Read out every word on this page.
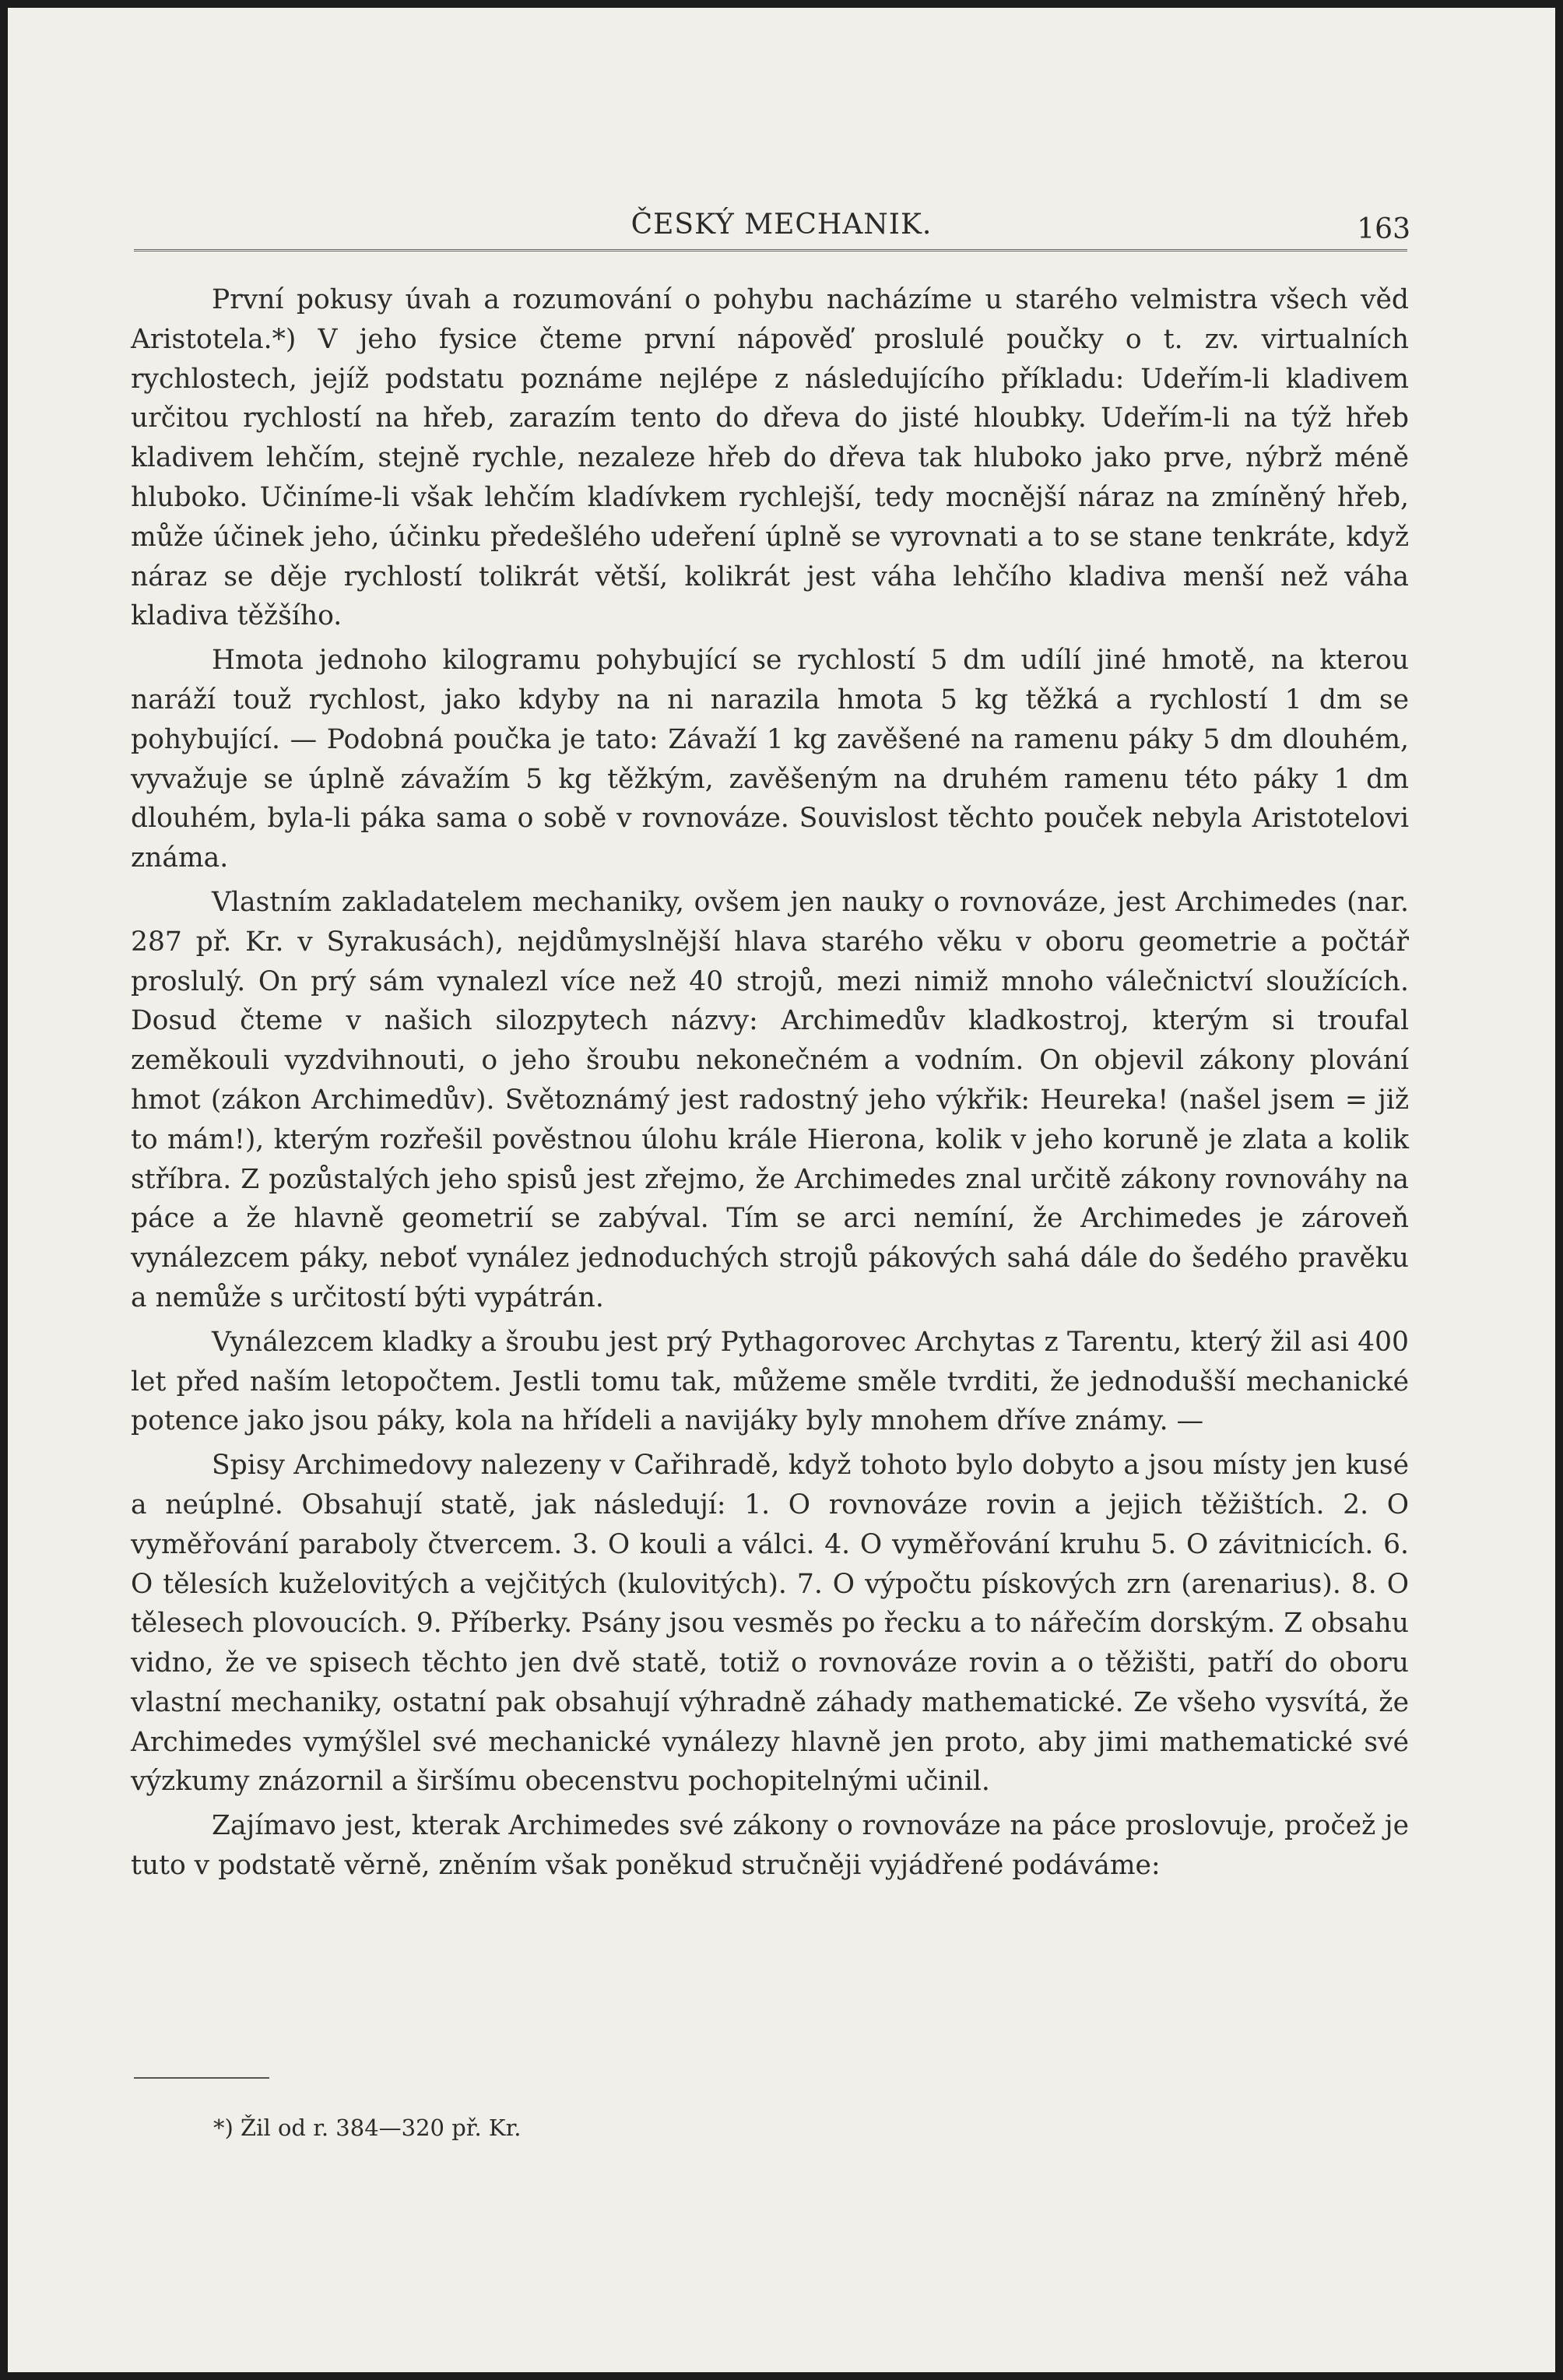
ČESKÝ MECHANIK.	163

První pokusy úvah a rozumování o pohybu nacházíme u starého velmistra všech věd Aristotela.*) V jeho fysice čteme první nápověď proslulé poučky o t. zv. virtualních rychlostech, jejíž podstatu poznáme nejlépe z následujícího příkladu: Udeřím-li kladivem určitou rychlostí na hřeb, zarazím tento do dřeva do jisté hloubky. Udeřím-li na týž hřeb kladivem lehčím, stejně rychle, nezaleze hřeb do dřeva tak hluboko jako prve, nýbrž méně hluboko. Učiníme-li však lehčím kladívkem rychlejší, tedy mocnější náraz na zmíněný hřeb, může účinek jeho, účinku předešlého udeření úplně se vyrovnati a to se stane tenkráte, když náraz se děje rychlostí tolikrát větší, kolikrát jest váha lehčího kladiva menší než váha kladiva těžšího.

Hmota jednoho kilogramu pohybující se rychlostí 5 dm udílí jiné hmotě, na kterou naráží touž rychlost, jako kdyby na ni narazila hmota 5 kg těžká a rychlostí 1 dm se pohybující. — Podobná poučka je tato: Závaží 1 kg zavěšené na ramenu páky 5 dm dlouhém, vyvažuje se úplně závažím 5 kg těžkým, zavěšeným na druhém ramenu této páky 1 dm dlouhém, byla-li páka sama o sobě v rovnováze. Souvislost těchto pouček nebyla Aristotelovi známa.

Vlastním zakladatelem mechaniky, ovšem jen nauky o rovnováze, jest Archimedes (nar. 287 př. Kr. v Syrakusách), nejdůmyslnější hlava starého věku v oboru geometrie a počtář proslulý. On prý sám vynalezl více než 40 strojů, mezi nimiž mnoho válečnictví sloužících. Dosud čteme v našich silozpytech názvy: Archimedův kladkostroj, kterým si troufal zeměkouli vyzdvihnouti, o jeho šroubu nekonečném a vodním. On objevil zákony plování hmot (zákon Archimedův). Světoznámý jest radostný jeho výkřik: Heureka! (našel jsem = již to mám!), kterým rozřešil pověstnou úlohu krále Hierona, kolik v jeho koruně je zlata a kolik stříbra. Z pozůstalých jeho spisů jest zřejmo, že Archimedes znal určitě zákony rovnováhy na páce a že hlavně geometrií se zabýval. Tím se arci nemíní, že Archimedes je zároveň vynálezcem páky, neboť vynález jednoduchých strojů pákových sahá dále do šedého pravěku a nemůže s určitostí býti vypátrán.

Vynálezcem kladky a šroubu jest prý Pythagorovec Archytas z Tarentu, který žil asi 400 let před naším letopočtem. Jestli tomu tak, můžeme směle tvrditi, že jednodušší mechanické potence jako jsou páky, kola na hřídeli a navijáky byly mnohem dříve známy. —

Spisy Archimedovy nalezeny v Cařihradě, když tohoto bylo dobyto a jsou místy jen kusé a neúplné. Obsahují statě, jak následují: 1. O rovnováze rovin a jejich těžištích. 2. O vyměřování paraboly čtvercem. 3. O kouli a válci. 4. O vyměřování kruhu 5. O závitnicích. 6. O tělesích kuželovitých a vejčitých (kulovitých). 7. O výpočtu pískových zrn (arenarius). 8. O tělesech plovoucích. 9. Příberky. Psány jsou vesměs po řecku a to nářečím dorským. Z obsahu vidno, že ve spisech těchto jen dvě statě, totiž o rovnováze rovin a o těžišti, patří do oboru vlastní mechaniky, ostatní pak obsahují výhradně záhady mathematické. Ze všeho vysvítá, že Archimedes vymýšlel své mechanické vynálezy hlavně jen proto, aby jimi mathematické své výzkumy znázornil a širšímu obecenstvu pochopitelnými učinil.

Zajímavo jest, kterak Archimedes své zákony o rovnováze na páce proslovuje, pročež je tuto v podstatě věrně, zněním však poněkud stručněji vyjádřené podáváme:

*) Žil od r. 384—320 př. Kr.
